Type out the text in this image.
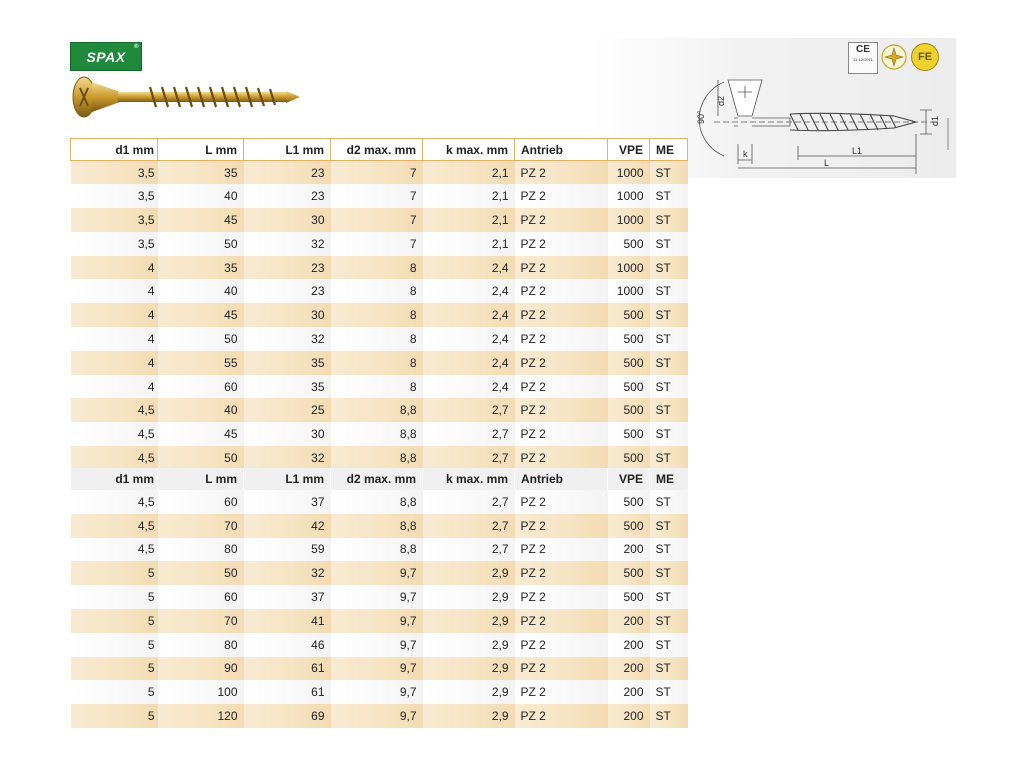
SPAX
®	CE
11-12/2011	FE
90°
d2
d1
k	L1
L
d1 mm	L mm	L1 mm	d2 max. mm	k max. mm	Antrieb	VPE	ME
3,5	35	23	7	2,1	PZ 2	1000	ST
3,5	40	23	7	2,1	PZ 2	1000	ST
3,5	45	30	7	2,1	PZ 2	1000	ST
3,5	50	32	7	2,1	PZ 2	500	ST
4	35	23	8	2,4	PZ 2	1000	ST
4	40	23	8	2,4	PZ 2	1000	ST
4	45	30	8	2,4	PZ 2	500	ST
4	50	32	8	2,4	PZ 2	500	ST
4	55	35	8	2,4	PZ 2	500	ST
4	60	35	8	2,4	PZ 2	500	ST
4,5	40	25	8,8	2,7	PZ 2	500	ST
4,5	45	30	8,8	2,7	PZ 2	500	ST
4,5	50	32	8,8	2,7	PZ 2	500	ST
d1 mm	L mm	L1 mm	d2 max. mm	k max. mm	Antrieb	VPE	ME
4,5	60	37	8,8	2,7	PZ 2	500	ST
4,5	70	42	8,8	2,7	PZ 2	500	ST
4,5	80	59	8,8	2,7	PZ 2	200	ST
5	50	32	9,7	2,9	PZ 2	500	ST
5	60	37	9,7	2,9	PZ 2	500	ST
5	70	41	9,7	2,9	PZ 2	200	ST
5	80	46	9,7	2,9	PZ 2	200	ST
5	90	61	9,7	2,9	PZ 2	200	ST
5	100	61	9,7	2,9	PZ 2	200	ST
5	120	69	9,7	2,9	PZ 2	200	ST
